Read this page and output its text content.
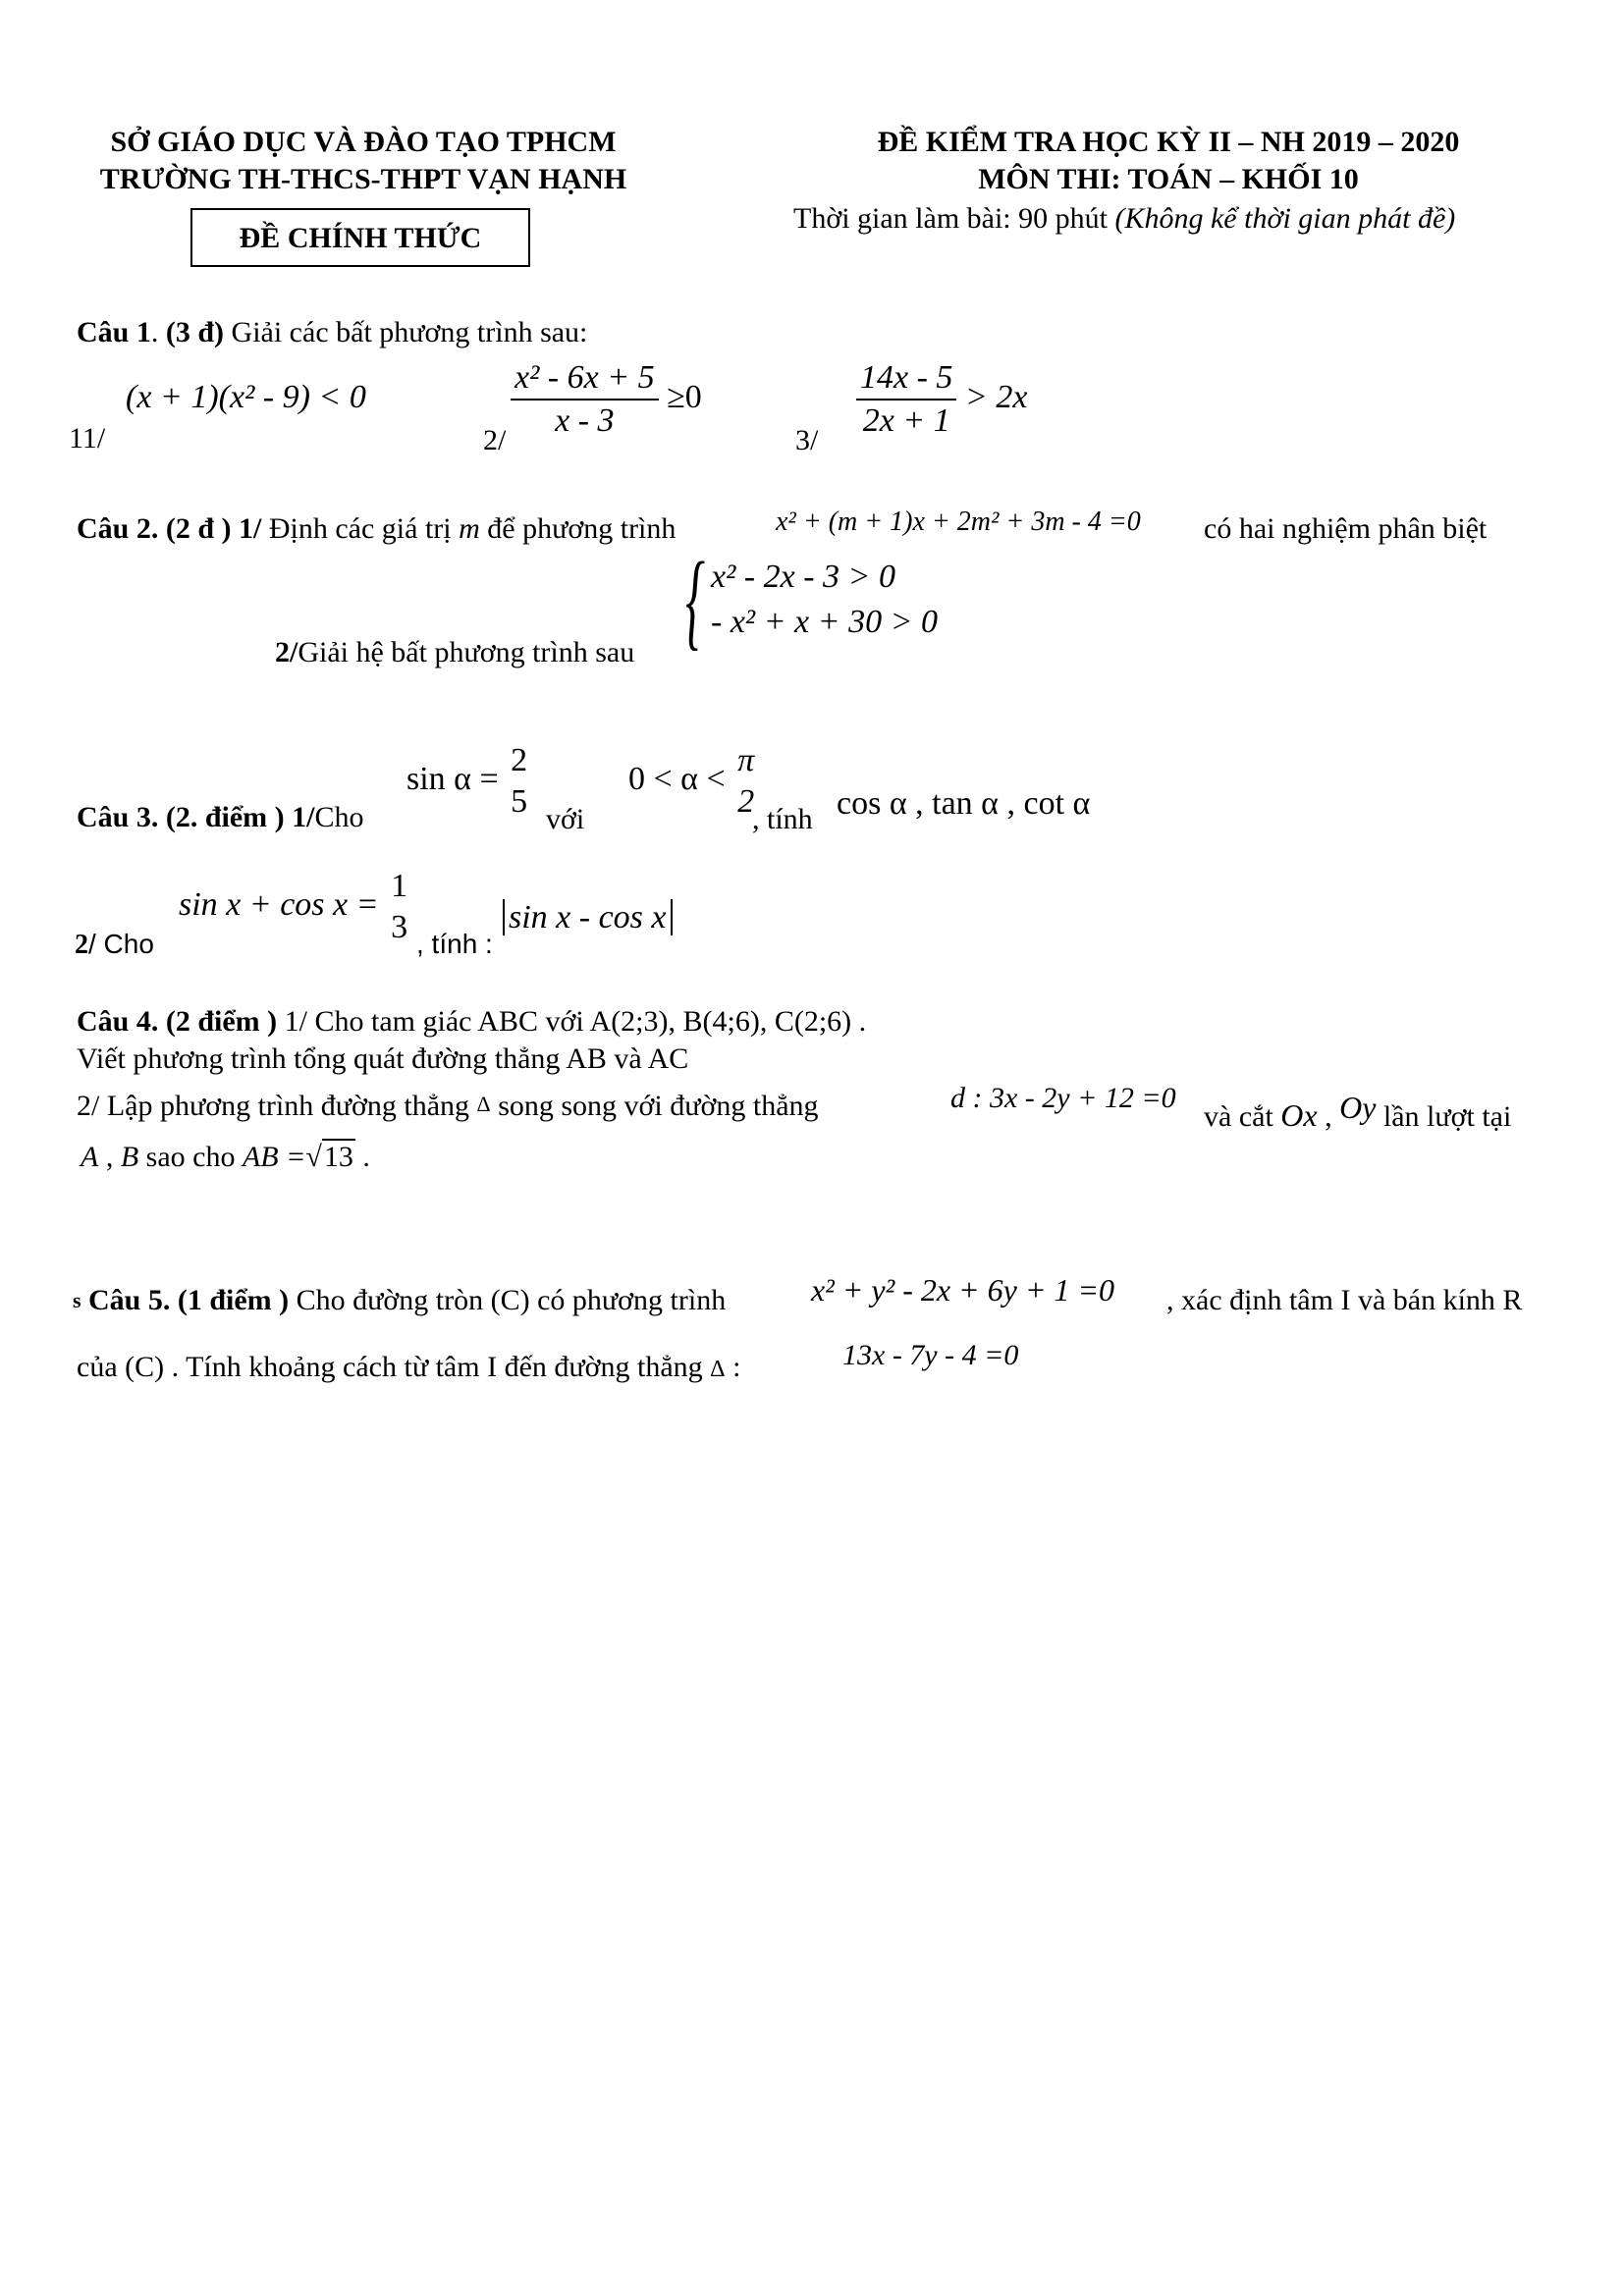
SỞ GIÁO DỤC VÀ ĐÀO TẠO TPHCM
TRƯỜNG TH-THCS-THPT VẠN HẠNH
ĐỀ CHÍNH THỨC
ĐỀ KIỂM TRA HỌC KỲ II – NH 2019 – 2020
MÔN THI: TOÁN – KHỐI 10
Thời gian làm bài: 90 phút (Không kể thời gian phát đề)
Câu 1. (3 đ) Giải các bất phương trình sau:
11/
(x + 1)(x² - 9) < 0
2/
$\frac{\text{x² - 6x + 5}}{x - 3} \ge 0$
3/
$\frac{14x - 5}{2x + 1} > 2x$
Câu 2. (2 đ ) 1/ Định các giá trị m để phương trình	x² + (m + 1)x + 2m² + 3m - 4 =0 có hai nghiệm phân biệt
2/Giải hệ bất phương trình sau { x² - 2x - 3 > 0
- x² + x + 30 > 0
Câu 3. (2. điểm ) 1/Cho
sin α =
2
5 với
0 < α <
π
2
, tính cos α , tan α , cot α
2/ Cho
sin x + cos x =
1
3 , tính :
sin x - cos x
Câu 4. (2 điểm ) 1/ Cho tam giác ABC với A(2;3), B(4;6), C(2;6) .
Viết phương trình tổng quát đường thẳng AB và AC
2/ Lập phương trình đường thẳng Δ song song với đường thẳng	d : 3x - 2y + 12 =0
và cắt Ox , Oy lần lượt tại
A , B sao cho AB =√13 .
s Câu 5. (1 điểm ) Cho đường tròn (C) có phương trình	x² + y² - 2x + 6y + 1 =0 , xác định tâm I và bán kính R
của (C) . Tính khoảng cách từ tâm I đến đường thẳng Δ :	13x - 7y - 4 =0
